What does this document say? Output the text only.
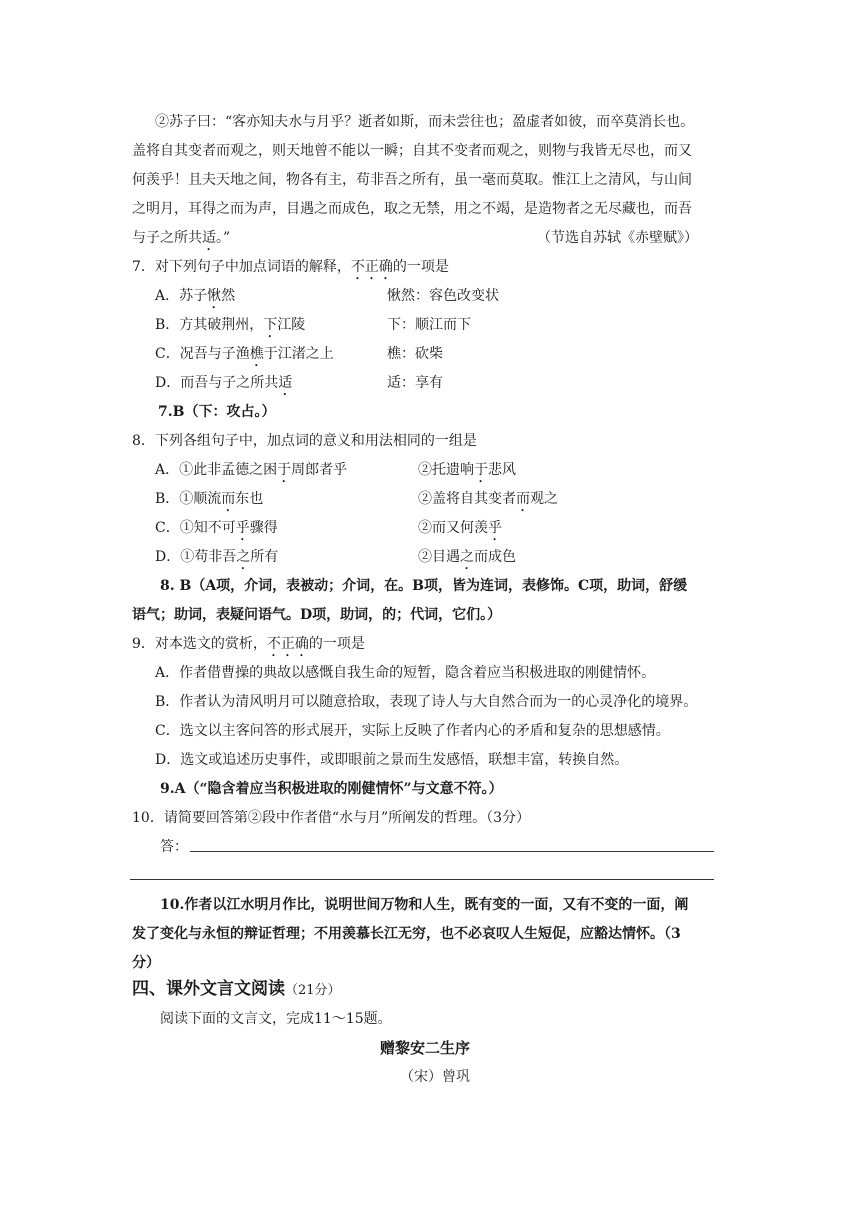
②苏子曰：“客亦知夫水与月乎？逝者如斯，而未尝往也；盈虚者如彼，而卒莫消长也。
盖将自其变者而观之，则天地曾不能以一瞬；自其不变者而观之，则物与我皆无尽也，而又
何羡乎！且夫天地之间，物各有主，苟非吾之所有，虽一毫而莫取。惟江上之清风，与山间
之明月，耳得之而为声，目遇之而成色，取之无禁，用之不竭，是造物者之无尽藏也，而吾
与子之所共适。”	（节选自苏轼《赤壁赋》）
7．对下列句子中加点词语的解释，不正确的一项是
A．苏子愀然	愀然：容色改变状
B．方其破荆州，下江陵	下：顺江而下
C．况吾与子渔樵于江渚之上	樵：砍柴
D．而吾与子之所共适	适：享有
7.B（下：攻占。）
8．下列各组句子中，加点词的意义和用法相同的一组是
A．①此非孟德之困于周郎者乎	②托遗响于悲风
B．①顺流而东也	②盖将自其变者而观之
C．①知不可乎骤得	②而又何羡乎
D．①苟非吾之所有	②目遇之而成色
8. B（A项，介词，表被动；介词，在。B项，皆为连词，表修饰。C项，助词，舒缓
语气；助词，表疑问语气。D项，助词，的；代词，它们。）
9．对本选文的赏析，不正确的一项是
A．作者借曹操的典故以感慨自我生命的短暂，隐含着应当积极进取的刚健情怀。
B．作者认为清风明月可以随意拾取，表现了诗人与大自然合而为一的心灵净化的境界。
C．选文以主客问答的形式展开，实际上反映了作者内心的矛盾和复杂的思想感情。
D．选文或追述历史事件，或即眼前之景而生发感悟，联想丰富，转换自然。
9.A（“隐含着应当积极进取的刚健情怀”与文意不符。）
10．请简要回答第②段中作者借“水与月”所阐发的哲理。（3分）
答：
10.作者以江水明月作比，说明世间万物和人生，既有变的一面，又有不变的一面，阐
发了变化与永恒的辩证哲理；不用羡慕长江无穷，也不必哀叹人生短促，应豁达情怀。（3
分）
四、课外文言文阅读（21分）
阅读下面的文言文，完成11～15题。
赠黎安二生序
（宋）曾巩
